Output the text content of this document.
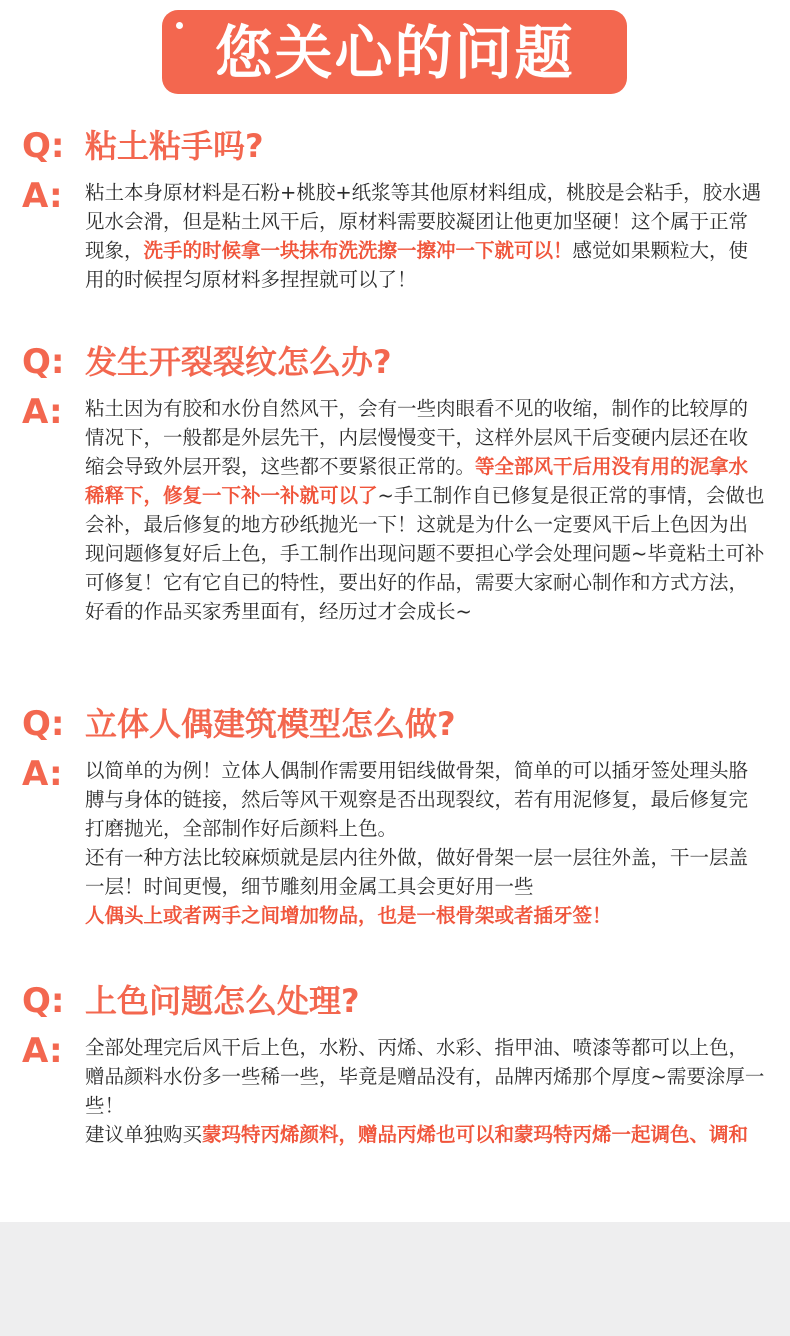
您关心的问题
Q: 粘土粘手吗?
A: 粘土本身原材料是石粉+桃胶+纸浆等其他原材料组成，桃胶是会粘手，胶水遇见水会滑，但是粘土风干后，原材料需要胶凝团让他更加坚硬！这个属于正常现象，洗手的时候拿一块抹布洗洗擦一擦冲一下就可以！感觉如果颗粒大，使用的时候捏匀原材料多捏捏就可以了！
Q: 发生开裂裂纹怎么办?
A: 粘土因为有胶和水份自然风干，会有一些肉眼看不见的收缩，制作的比较厚的情况下，一般都是外层先干，内层慢慢变干，这样外层风干后变硬内层还在收缩会导致外层开裂，这些都不要紧很正常的。等全部风干后用没有用的泥拿水稀释下，修复一下补一补就可以了~手工制作自已修复是很正常的事情，会做也会补，最后修复的地方砂纸抛光一下！这就是为什么一定要风干后上色因为出现问题修复好后上色，手工制作出现问题不要担心学会处理问题~毕竟粘土可补可修复！它有它自已的特性，要出好的作品，需要大家耐心制作和方式方法，好看的作品买家秀里面有，经历过才会成长~
Q: 立体人偶建筑模型怎么做?
A: 以简单的为例！立体人偶制作需要用铝线做骨架，简单的可以插牙签处理头胳膊与身体的链接，然后等风干观察是否出现裂纹，若有用泥修复，最后修复完打磨抛光，全部制作好后颜料上色。
还有一种方法比较麻烦就是层内往外做，做好骨架一层一层往外盖，干一层盖一层！时间更慢，细节雕刻用金属工具会更好用一些
人偶头上或者两手之间增加物品，也是一根骨架或者插牙签！
Q: 上色问题怎么处理?
A: 全部处理完后风干后上色，水粉、丙烯、水彩、指甲油、喷漆等都可以上色，赠品颜料水份多一些稀一些，毕竟是赠品没有，品牌丙烯那个厚度~需要涂厚一些！
建议单独购买蒙玛特丙烯颜料，赠品丙烯也可以和蒙玛特丙烯一起调色、调和
